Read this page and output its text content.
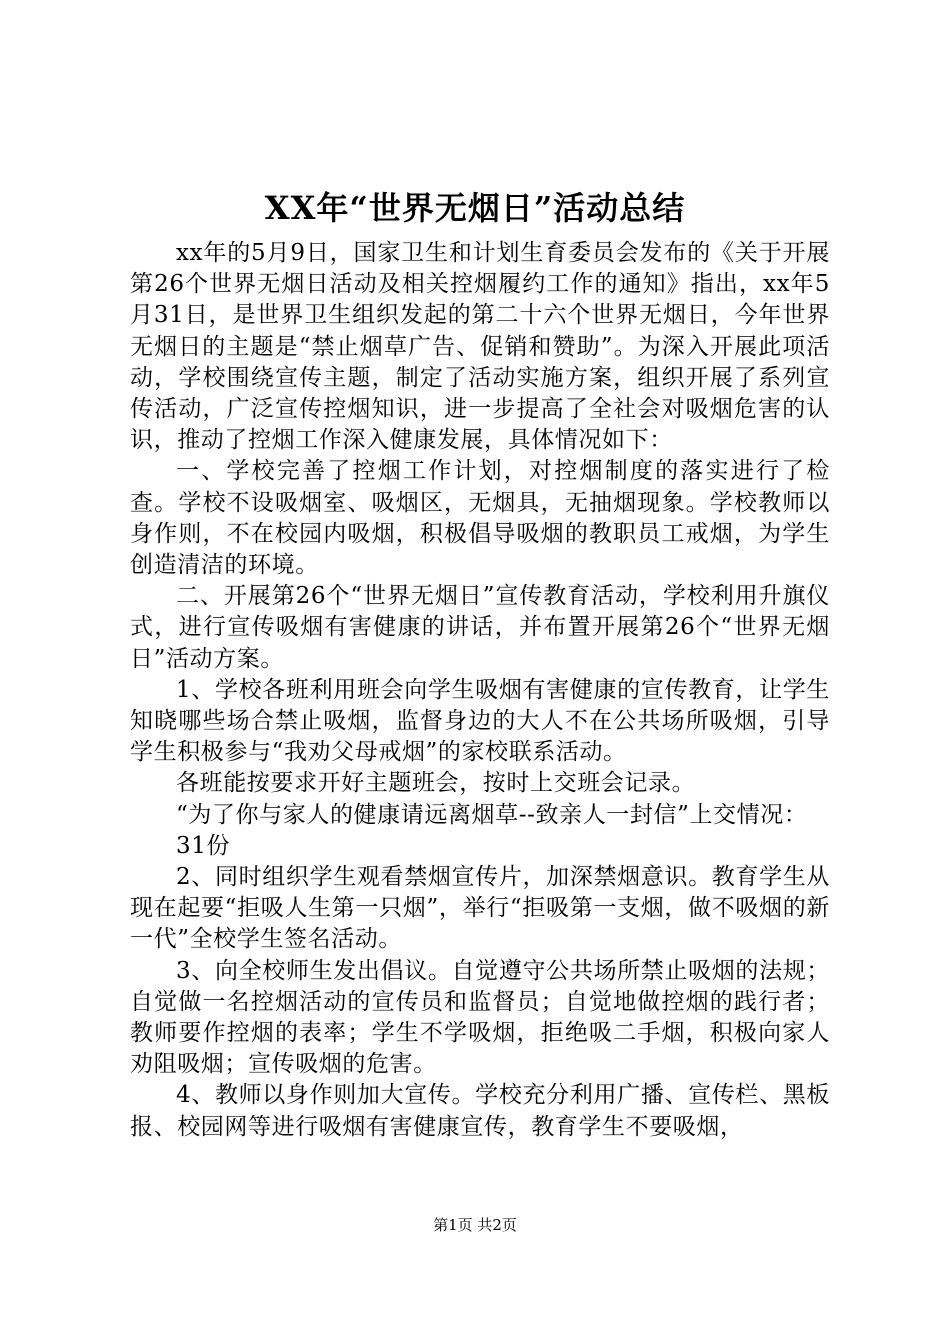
XX年“世界无烟日”活动总结

xx年的5月9日，国家卫生和计划生育委员会发布的《关于开展第26个世界无烟日活动及相关控烟履约工作的通知》指出，xx年5月31日，是世界卫生组织发起的第二十六个世界无烟日，今年世界无烟日的主题是“禁止烟草广告、促销和赞助”。为深入开展此项活动，学校围绕宣传主题，制定了活动实施方案，组织开展了系列宣传活动，广泛宣传控烟知识，进一步提高了全社会对吸烟危害的认识，推动了控烟工作深入健康发展，具体情况如下：

一、学校完善了控烟工作计划，对控烟制度的落实进行了检查。学校不设吸烟室、吸烟区，无烟具，无抽烟现象。学校教师以身作则，不在校园内吸烟，积极倡导吸烟的教职员工戒烟，为学生创造清洁的环境。

二、开展第26个“世界无烟日”宣传教育活动，学校利用升旗仪式，进行宣传吸烟有害健康的讲话，并布置开展第26个“世界无烟日”活动方案。

1、学校各班利用班会向学生吸烟有害健康的宣传教育，让学生知晓哪些场合禁止吸烟，监督身边的大人不在公共场所吸烟，引导学生积极参与“我劝父母戒烟”的家校联系活动。

各班能按要求开好主题班会，按时上交班会记录。

“为了你与家人的健康请远离烟草--致亲人一封信”上交情况：

31份

2、同时组织学生观看禁烟宣传片，加深禁烟意识。教育学生从现在起要“拒吸人生第一只烟”，举行“拒吸第一支烟，做不吸烟的新一代”全校学生签名活动。

3、向全校师生发出倡议。自觉遵守公共场所禁止吸烟的法规；自觉做一名控烟活动的宣传员和监督员；自觉地做控烟的践行者；教师要作控烟的表率；学生不学吸烟，拒绝吸二手烟，积极向家人劝阻吸烟；宣传吸烟的危害。

4、教师以身作则加大宣传。学校充分利用广播、宣传栏、黑板报、校园网等进行吸烟有害健康宣传，教育学生不要吸烟，

第1页 共2页
